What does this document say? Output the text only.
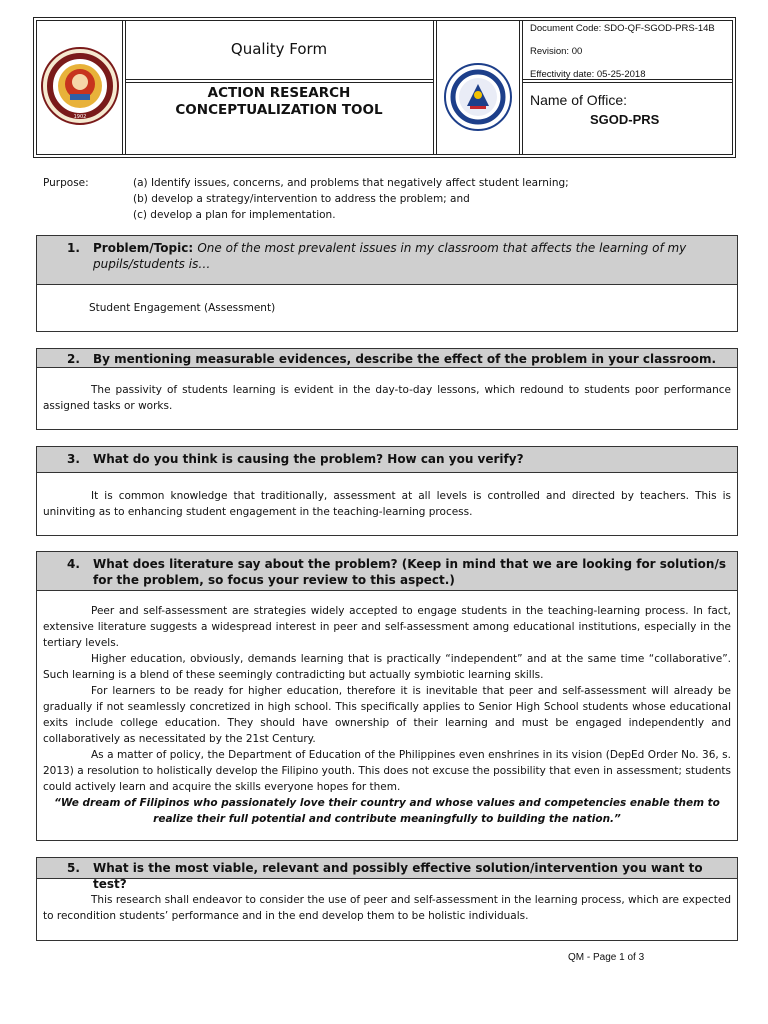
1902
Quality Form
ACTION RESEARCH
CONCEPTUALIZATION TOOL
Document Code: SDO-QF-SGOD-PRS-14B
Revision: 00
Effectivity date: 05-25-2018
Name of Office:
SGOD-PRS
Purpose:	(a) Identify issues, concerns, and problems that negatively affect student learning;
(b) develop a strategy/intervention to address the problem; and
(c) develop a plan for implementation.
1.	Problem/Topic: One of the most prevalent issues in my classroom that affects the learning of my pupils/students is…
Student Engagement (Assessment)
2.	By mentioning measurable evidences, describe the effect of the problem in your classroom.

The passivity of students learning is evident in the day-to-day lessons, which redound to students poor performance assigned tasks or works.

3.	What do you think is causing the problem? How can you verify?

It is common knowledge that traditionally, assessment at all levels is controlled and directed by teachers. This is uninviting as to enhancing student engagement in the teaching-learning process.

4.	What does literature say about the problem? (Keep in mind that we are looking for solution/s for the problem, so focus your review to this aspect.)

Peer and self-assessment are strategies widely accepted to engage students in the teaching-learning process. In fact, extensive literature suggests a widespread interest in peer and self-assessment among educational institutions, especially in the tertiary levels.

Higher education, obviously, demands learning that is practically “independent” and at the same time “collaborative”. Such learning is a blend of these seemingly contradicting but actually symbiotic learning skills.

For learners to be ready for higher education, therefore it is inevitable that peer and self-assessment will already be gradually if not seamlessly concretized in high school. This specifically applies to Senior High School students whose educational exits include college education. They should have ownership of their learning and must be engaged independently and collaboratively as necessitated by the 21st Century.

As a matter of policy, the Department of Education of the Philippines even enshrines in its vision (DepEd Order No. 36, s. 2013) a resolution to holistically develop the Filipino youth. This does not excuse the possibility that even in assessment; students could actively learn and acquire the skills everyone hopes for them.

“We dream of Filipinos who passionately love their country and whose values and competencies enable them to

realize their full potential and contribute meaningfully to building the nation.”

5.	What is the most viable, relevant and possibly effective solution/intervention you want to test?

This research shall endeavor to consider the use of peer and self-assessment in the learning process, which are expected to recondition students’ performance and in the end develop them to be holistic individuals.

QM - Page 1 of 3
